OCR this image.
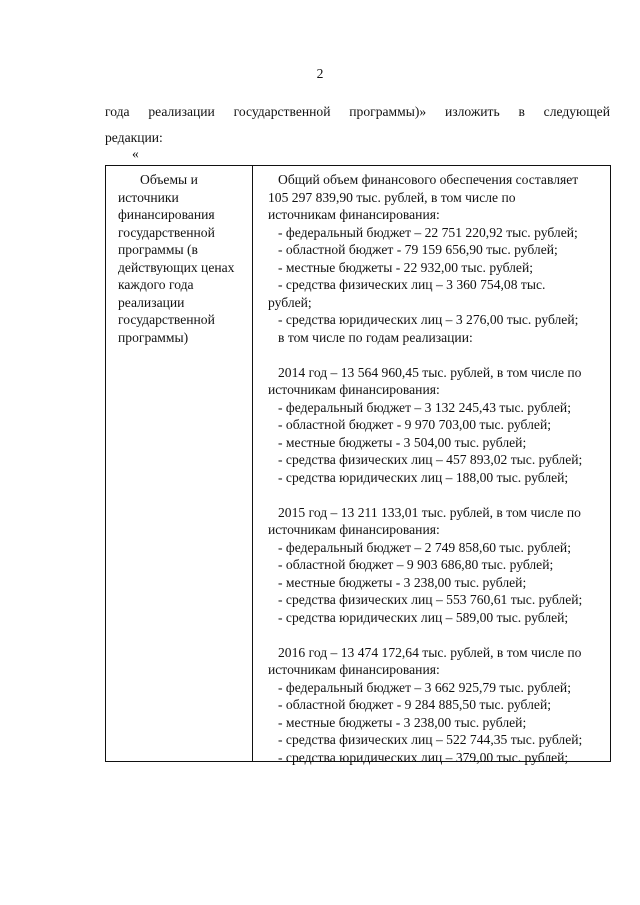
2
года реализации государственной программы)» изложить в следующей
редакции:
«
Объемы и
источники
финансирования
государственной
программы (в
действующих ценах
каждого года
реализации
государственной
программы)
Общий объем финансового обеспечения составляет
105 297 839,90 тыс. рублей, в том числе по
источникам финансирования:
- федеральный бюджет – 22 751 220,92 тыс. рублей;
- областной бюджет - 79 159 656,90 тыс. рублей;
- местные бюджеты - 22 932,00 тыс. рублей;
- средства физических лиц – 3 360 754,08 тыс.
рублей;
- средства юридических лиц – 3 276,00 тыс. рублей;
в том числе по годам реализации:
2014 год – 13 564 960,45 тыс. рублей, в том числе по
источникам финансирования:
- федеральный бюджет – 3 132 245,43 тыс. рублей;
- областной бюджет - 9 970 703,00 тыс. рублей;
- местные бюджеты - 3 504,00 тыс. рублей;
- средства физических лиц – 457 893,02 тыс. рублей;
- средства юридических лиц – 188,00 тыс. рублей;
2015 год – 13 211 133,01 тыс. рублей, в том числе по
источникам финансирования:
- федеральный бюджет – 2 749 858,60 тыс. рублей;
- областной бюджет – 9 903 686,80 тыс. рублей;
- местные бюджеты - 3 238,00 тыс. рублей;
- средства физических лиц – 553 760,61 тыс. рублей;
- средства юридических лиц – 589,00 тыс. рублей;
2016 год – 13 474 172,64 тыс. рублей, в том числе по
источникам финансирования:
- федеральный бюджет – 3 662 925,79 тыс. рублей;
- областной бюджет - 9 284 885,50 тыс. рублей;
- местные бюджеты - 3 238,00 тыс. рублей;
- средства физических лиц – 522 744,35 тыс. рублей;
- средства юридических лиц – 379,00 тыс. рублей;
